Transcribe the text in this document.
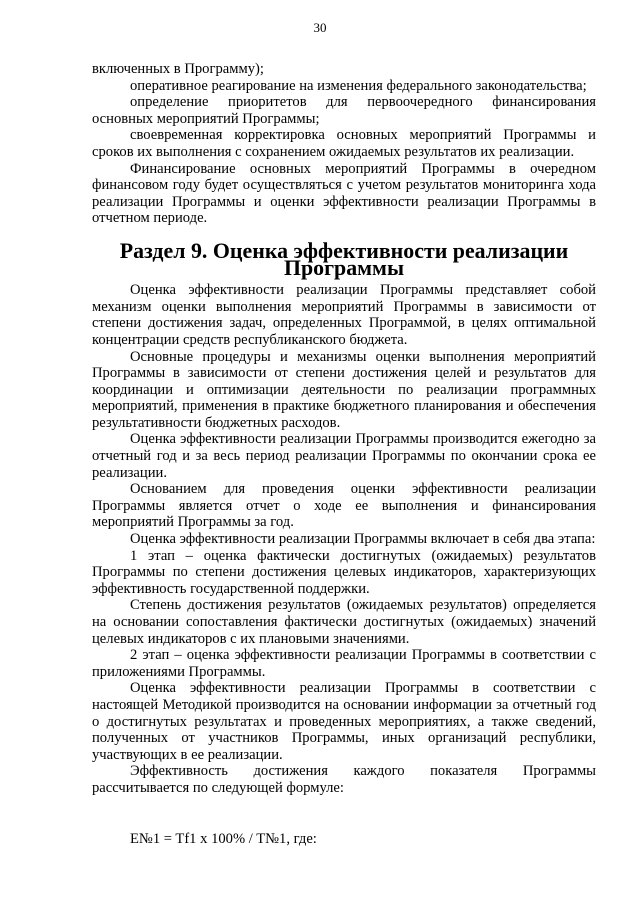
30

включенных в Программу);

оперативное реагирование на изменения федерального законодательства;

определение приоритетов для первоочередного финансирования основных мероприятий Программы;

своевременная корректировка основных мероприятий Программы и сроков их выполнения с сохранением ожидаемых результатов их реализации.

Финансирование основных мероприятий Программы в очередном финансовом году будет осуществляться с учетом результатов мониторинга хода реализации Программы и оценки эффективности реализации Программы в отчетном периоде.

Раздел 9. Оценка эффективности реализации Программы

Оценка эффективности реализации Программы представляет собой механизм оценки выполнения мероприятий Программы в зависимости от степени достижения задач, определенных Программой, в целях оптимальной концентрации средств республиканского бюджета.

Основные процедуры и механизмы оценки выполнения мероприятий Программы в зависимости от степени достижения целей и результатов для координации и оптимизации деятельности по реализации программных мероприятий, применения в практике бюджетного планирования и обеспечения результативности бюджетных расходов.

Оценка эффективности реализации Программы производится ежегодно за отчетный год и за весь период реализации Программы по окончании срока ее реализации.

Основанием для проведения оценки эффективности реализации Программы является отчет о ходе ее выполнения и финансирования мероприятий Программы за год.

Оценка эффективности реализации Программы включает в себя два этапа:

1 этап – оценка фактически достигнутых (ожидаемых) результатов Программы по степени достижения целевых индикаторов, характеризующих эффективность государственной поддержки.

Степень достижения результатов (ожидаемых результатов) определяется на основании сопоставления фактически достигнутых (ожидаемых) значений целевых индикаторов с их плановыми значениями.

2 этап – оценка эффективности реализации Программы в соответствии с приложениями Программы.

Оценка эффективности реализации Программы в соответствии с настоящей Методикой производится на основании информации за отчетный год о достигнутых результатах и проведенных мероприятиях, а также сведений, полученных от участников Программы, иных организаций республики, участвующих в ее реализации.

Эффективность достижения каждого показателя Программы рассчитывается по следующей формуле:

E№1 = Tf1 x 100% / T№1, где:
